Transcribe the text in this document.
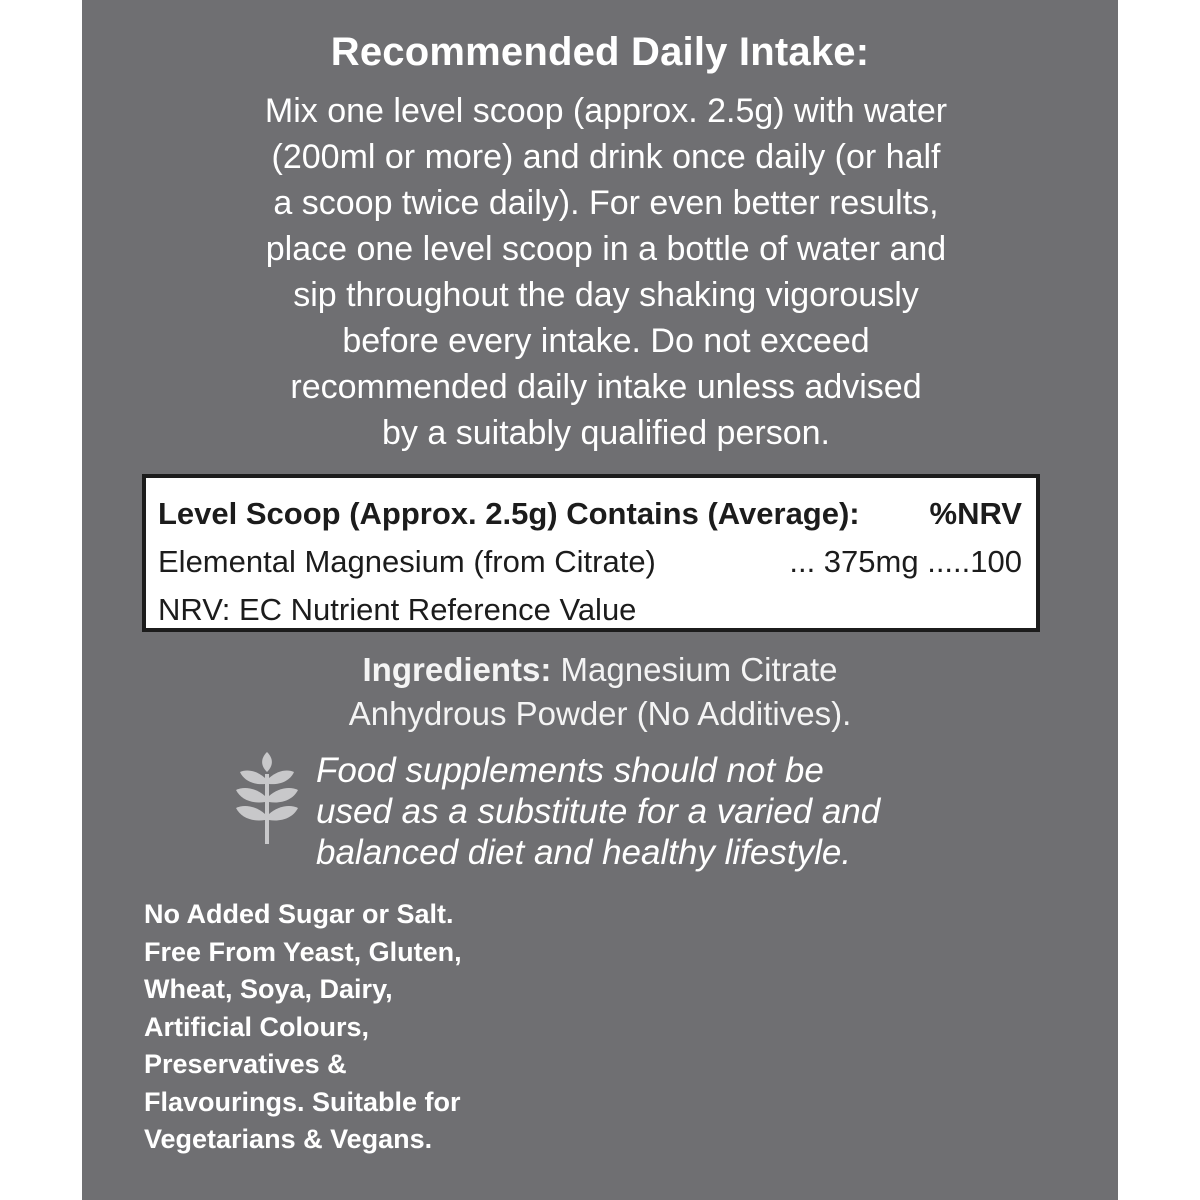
Recommended Daily Intake:
Mix one level scoop (approx. 2.5g) with water
(200ml or more) and drink once daily (or half
a scoop twice daily). For even better results,
place one level scoop in a bottle of water and
sip throughout the day shaking vigorously
before every intake. Do not exceed
recommended daily intake unless advised
by a suitably qualified person.
Level Scoop (Approx. 2.5g) Contains (Average): %NRV
Elemental Magnesium (from Citrate)	... 375mg .....100
NRV: EC Nutrient Reference Value
Ingredients: Magnesium Citrate
Anhydrous Powder (No Additives).
Food supplements should not be
used as a substitute for a varied and
balanced diet and healthy lifestyle.
No Added Sugar or Salt.
Free From Yeast, Gluten,
Wheat, Soya, Dairy,
Artificial Colours,
Preservatives &
Flavourings. Suitable for
Vegetarians & Vegans.
